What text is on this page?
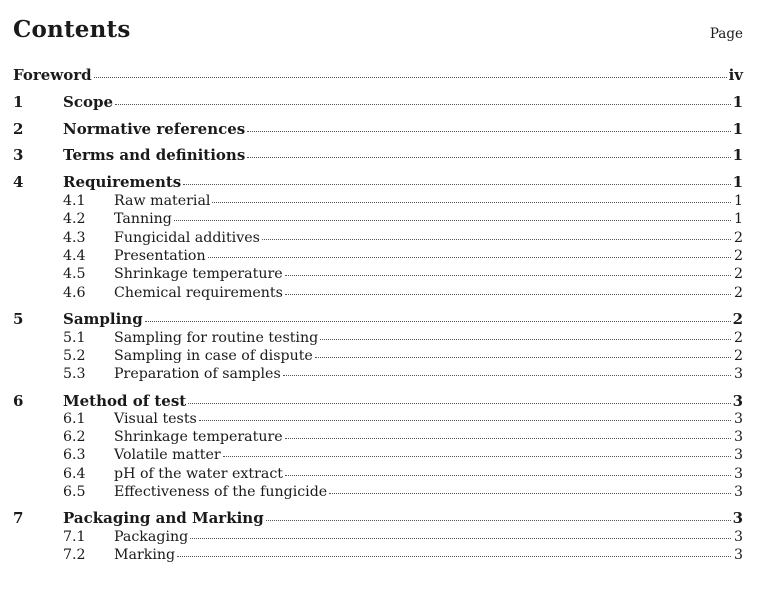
Contents	Page
Foreword	iv
1	Scope	1
2	Normative references	1
3	Terms and definitions	1
4	Requirements	1
4.1	Raw material	1
4.2	Tanning	1
4.3	Fungicidal additives	2
4.4	Presentation	2
4.5	Shrinkage temperature	2
4.6	Chemical requirements	2
5	Sampling	2
5.1	Sampling for routine testing	2
5.2	Sampling in case of dispute	2
5.3	Preparation of samples	3
6	Method of test	3
6.1	Visual tests	3
6.2	Shrinkage temperature	3
6.3	Volatile matter	3
6.4	pH of the water extract	3
6.5	Effectiveness of the fungicide	3
7	Packaging and Marking	3
7.1	Packaging	3
7.2	Marking	3
